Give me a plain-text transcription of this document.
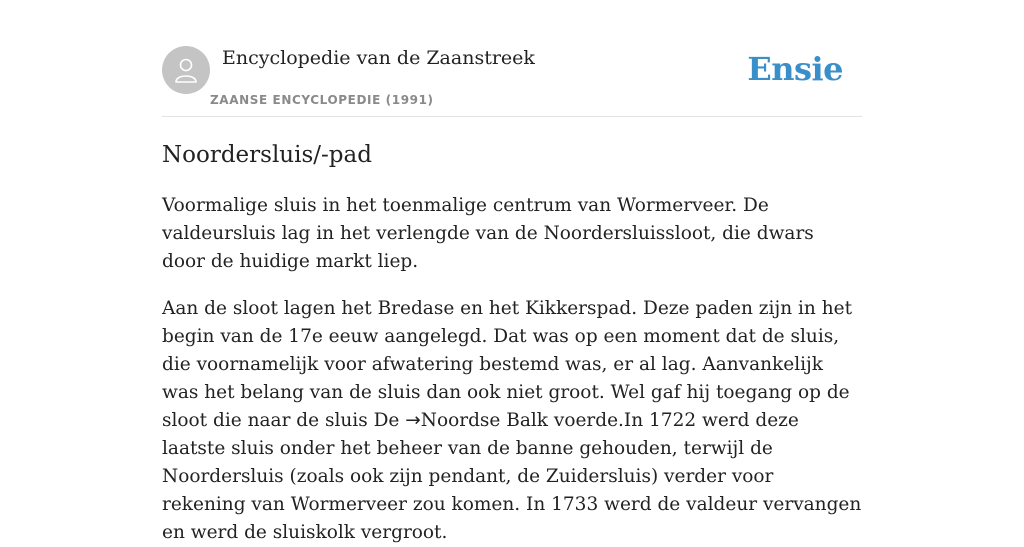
Encyclopedie van de Zaanstreek
ZAANSE ENCYCLOPEDIE (1991)
Ensie
Noordersluis/-pad

Voormalige sluis in het toenmalige centrum van Wormerveer. De valdeursluis lag in het verlengde van de Noordersluissloot, die dwars door de huidige markt liep.

Aan de sloot lagen het Bredase en het Kikkerspad. Deze paden zijn in het begin van de 17e eeuw aangelegd. Dat was op een moment dat de sluis, die voornamelijk voor afwatering bestemd was, er al lag. Aanvankelijk was het belang van de sluis dan ook niet groot. Wel gaf hij toegang op de sloot die naar de sluis De →Noordse Balk voerde.In 1722 werd deze laatste sluis onder het beheer van de banne gehouden, terwijl de Noordersluis (zoals ook zijn pendant, de Zuidersluis) verder voor rekening van Wormerveer zou komen. In 1733 werd de valdeur vervangen en werd de sluiskolk vergroot.
